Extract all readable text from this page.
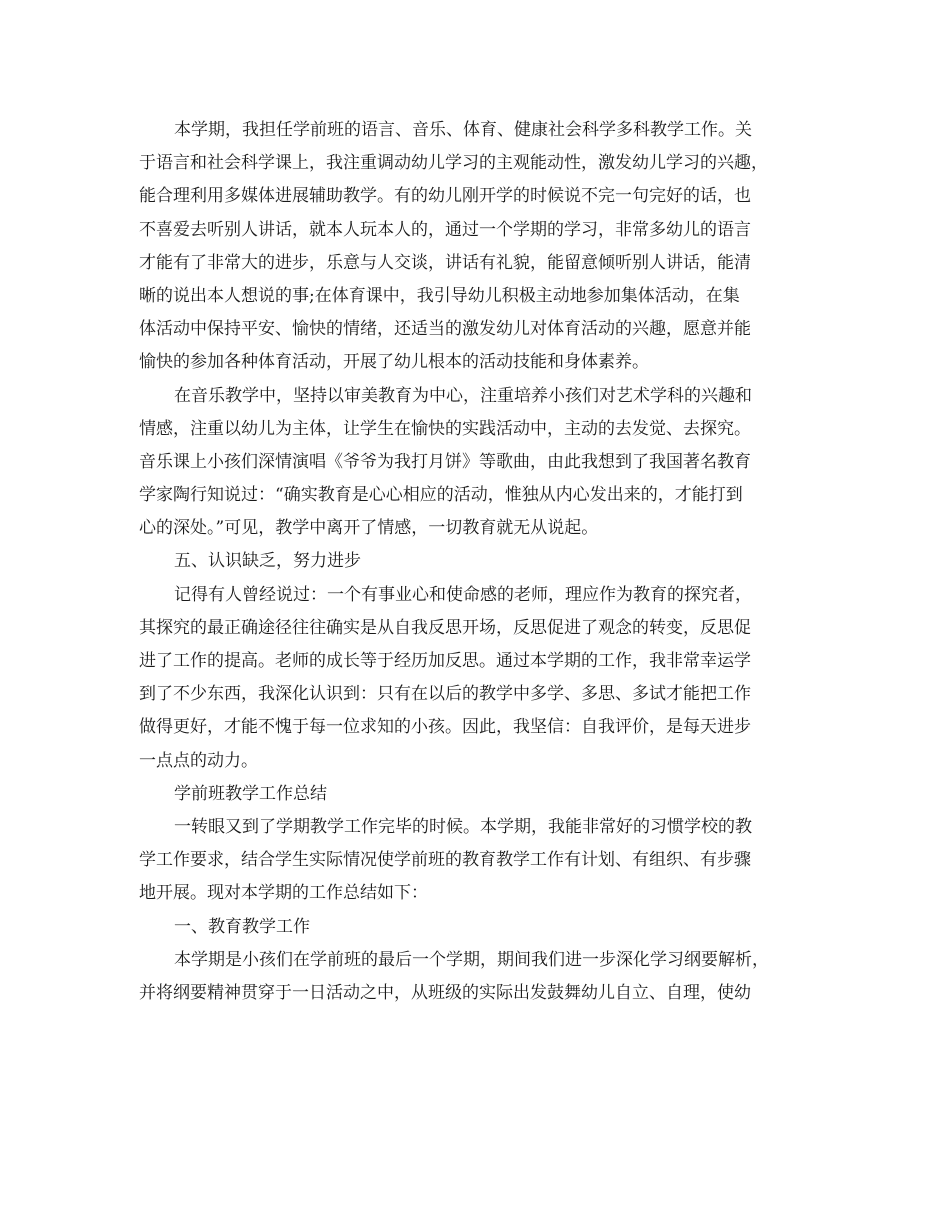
本学期，我担任学前班的语言、音乐、体育、健康社会科学多科教学工作。关
于语言和社会科学课上，我注重调动幼儿学习的主观能动性，激发幼儿学习的兴趣，
能合理利用多媒体进展辅助教学。有的幼儿刚开学的时候说不完一句完好的话，也
不喜爱去听别人讲话，就本人玩本人的，通过一个学期的学习，非常多幼儿的语言
才能有了非常大的进步，乐意与人交谈，讲话有礼貌，能留意倾听别人讲话，能清
晰的说出本人想说的事;在体育课中，我引导幼儿积极主动地参加集体活动，在集
体活动中保持平安、愉快的情绪，还适当的激发幼儿对体育活动的兴趣，愿意并能
愉快的参加各种体育活动，开展了幼儿根本的活动技能和身体素养。
在音乐教学中，坚持以审美教育为中心，注重培养小孩们对艺术学科的兴趣和
情感，注重以幼儿为主体，让学生在愉快的实践活动中，主动的去发觉、去探究。
音乐课上小孩们深情演唱《爷爷为我打月饼》等歌曲，由此我想到了我国著名教育
学家陶行知说过：“确实教育是心心相应的活动，惟独从内心发出来的，才能打到
心的深处。”可见，教学中离开了情感，一切教育就无从说起。
五、认识缺乏，努力进步
记得有人曾经说过：一个有事业心和使命感的老师，理应作为教育的探究者，
其探究的最正确途径往往确实是从自我反思开场，反思促进了观念的转变，反思促
进了工作的提高。老师的成长等于经历加反思。通过本学期的工作，我非常幸运学
到了不少东西，我深化认识到：只有在以后的教学中多学、多思、多试才能把工作
做得更好，才能不愧于每一位求知的小孩。因此，我坚信：自我评价，是每天进步
一点点的动力。
学前班教学工作总结
一转眼又到了学期教学工作完毕的时候。本学期，我能非常好的习惯学校的教
学工作要求，结合学生实际情况使学前班的教育教学工作有计划、有组织、有步骤
地开展。现对本学期的工作总结如下：
一、教育教学工作
本学期是小孩们在学前班的最后一个学期，期间我们进一步深化学习纲要解析，
并将纲要精神贯穿于一日活动之中，从班级的实际出发鼓舞幼儿自立、自理，使幼
